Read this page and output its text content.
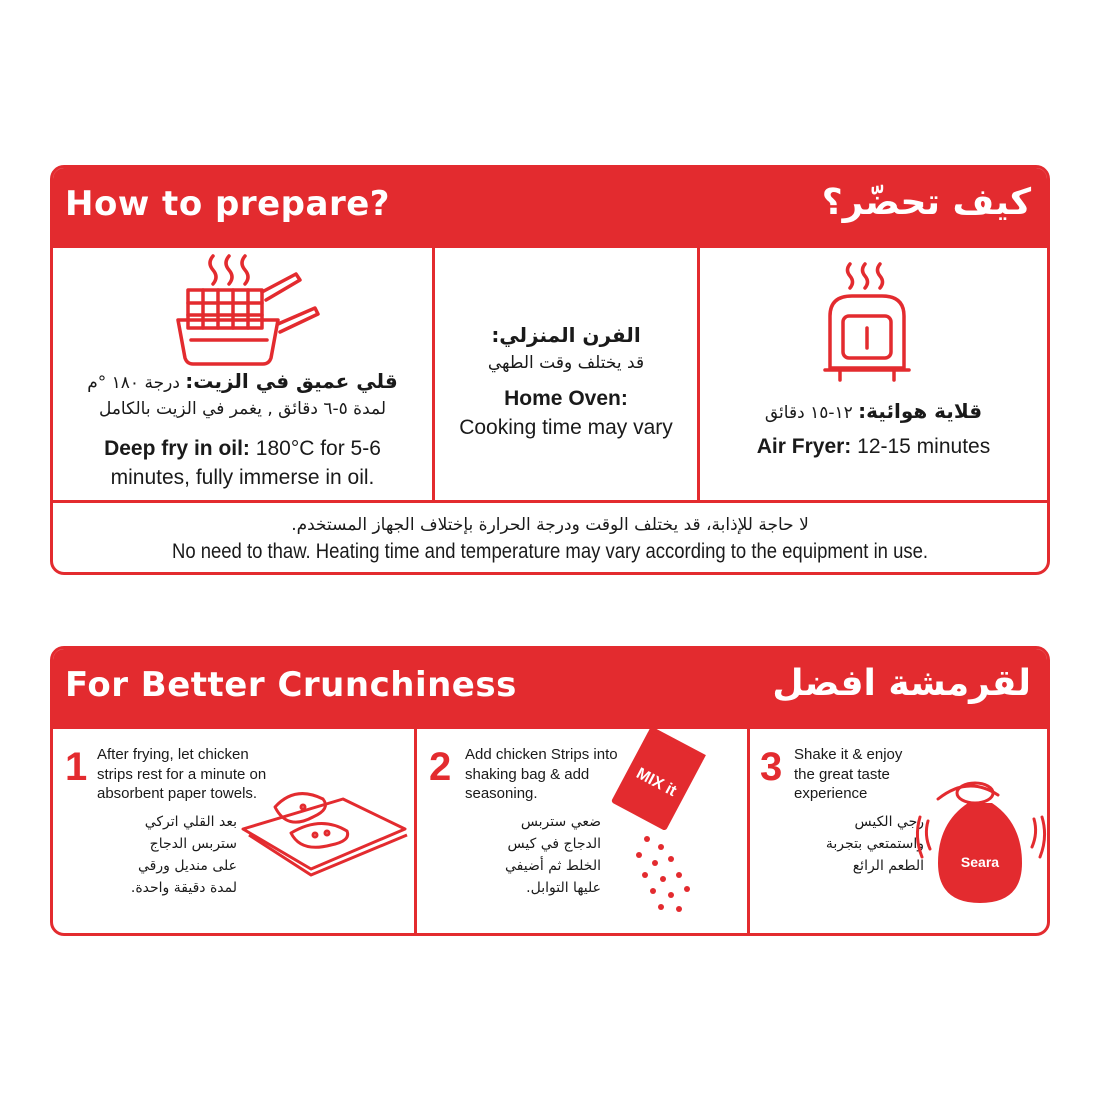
How to prepare?	كيف تحضّر؟
قلي عميق في الزيت: درجة ١٨٠ °م
لمدة ٥-٦ دقائق , يغمر في الزيت بالكامل
Deep fry in oil: 180°C for 5-6
minutes, fully immerse in oil.
الفرن المنزلي:
قد يختلف وقت الطهي
Home Oven:
Cooking time may vary
قلاية هوائية: ١٢-١٥ دقائق
Air Fryer: 12-15 minutes
لا حاجة للإذابة، قد يختلف الوقت ودرجة الحرارة بإختلاف الجهاز المستخدم.
No need to thaw. Heating time and temperature may vary according to the equipment in use.
For Better Crunchiness	لقرمشة افضل
1 After frying, let chicken
strips rest for a minute on
absorbent paper towels.
بعد القلي اتركي
ستربس الدجاج
على منديل ورقي
لمدة دقيقة واحدة.
2 Add chicken Strips into
shaking bag & add
seasoning.
ضعي ستربس
الدجاج في كيس
الخلط ثم أضيفي
عليها التوابل.
MIX it 3 Shake it & enjoy
the great taste
experience
رجي الكيس
واستمتعي بتجربة
الطعم الرائع	Seara
